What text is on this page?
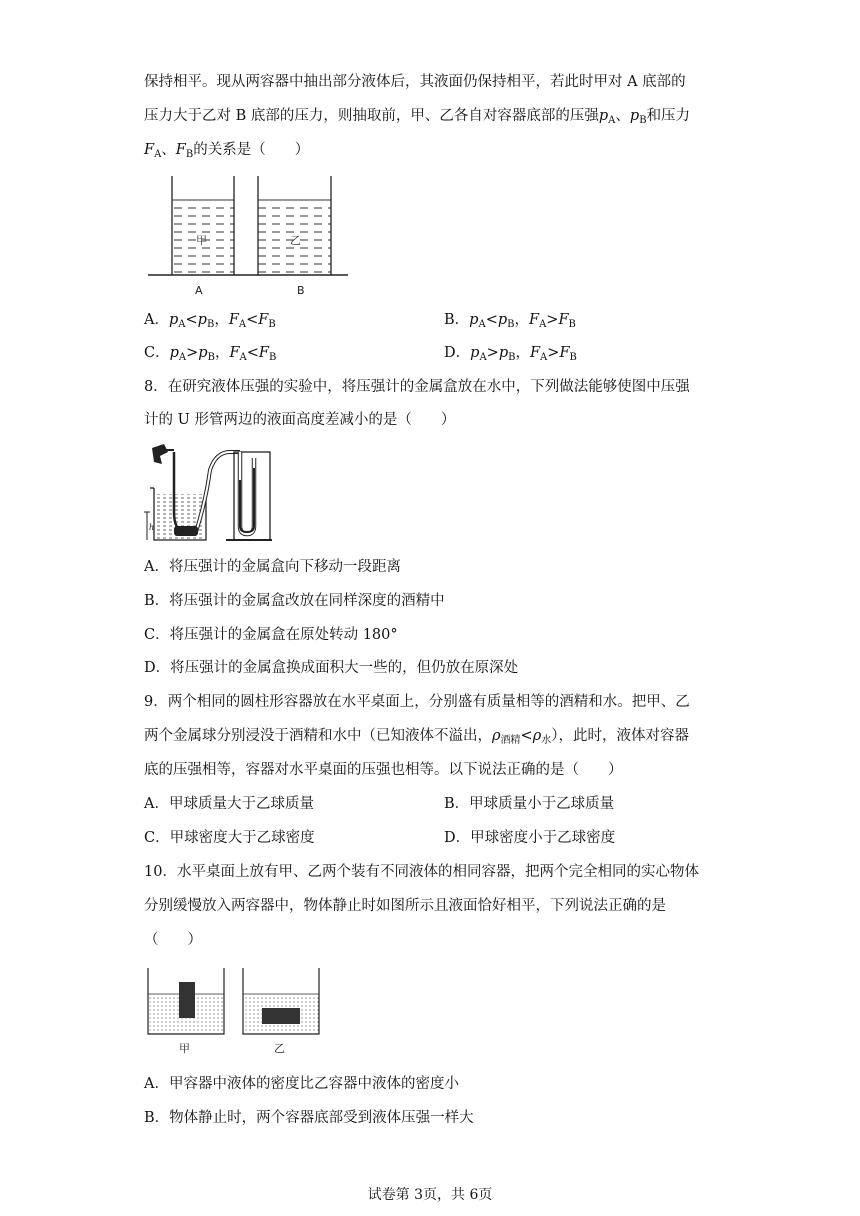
保持相平。现从两容器中抽出部分液体后，其液面仍保持相平，若此时甲对 A 底部的
压力大于乙对 B 底部的压力，则抽取前，甲、乙各自对容器底部的压强$p_A$、$p_B$和压力
$F_A$、$F_B$的关系是（　　）
甲	乙
A	B
A．$p_A<p_B$，$F_A<F_B$	B．$p_A<p_B$，$F_A>F_B$
C．$p_A>p_B$，$F_A<F_B$	D．$p_A>p_B$，$F_A>F_B$
8．在研究液体压强的实验中，将压强计的金属盒放在水中，下列做法能够使图中压强
计的 U 形管两边的液面高度差减小的是（　　）
h
A．将压强计的金属盒向下移动一段距离
B．将压强计的金属盒改放在同样深度的酒精中
C．将压强计的金属盒在原处转动 180°
D．将压强计的金属盒换成面积大一些的，但仍放在原深处
9．两个相同的圆柱形容器放在水平桌面上，分别盛有质量相等的酒精和水。把甲、乙
两个金属球分别浸没于酒精和水中（已知液体不溢出，$\rho_{酒精}<\rho_水$），此时，液体对容器
底的压强相等，容器对水平桌面的压强也相等。以下说法正确的是（　　）
A．甲球质量大于乙球质量	B．甲球质量小于乙球质量
C．甲球密度大于乙球密度	D．甲球密度小于乙球密度
10．水平桌面上放有甲、乙两个装有不同液体的相同容器，把两个完全相同的实心物体
分别缓慢放入两容器中，物体静止时如图所示且液面恰好相平，下列说法正确的是
（　　）
甲	乙
A．甲容器中液体的密度比乙容器中液体的密度小
B．物体静止时，两个容器底部受到液体压强一样大
试卷第 3页，共 6页
